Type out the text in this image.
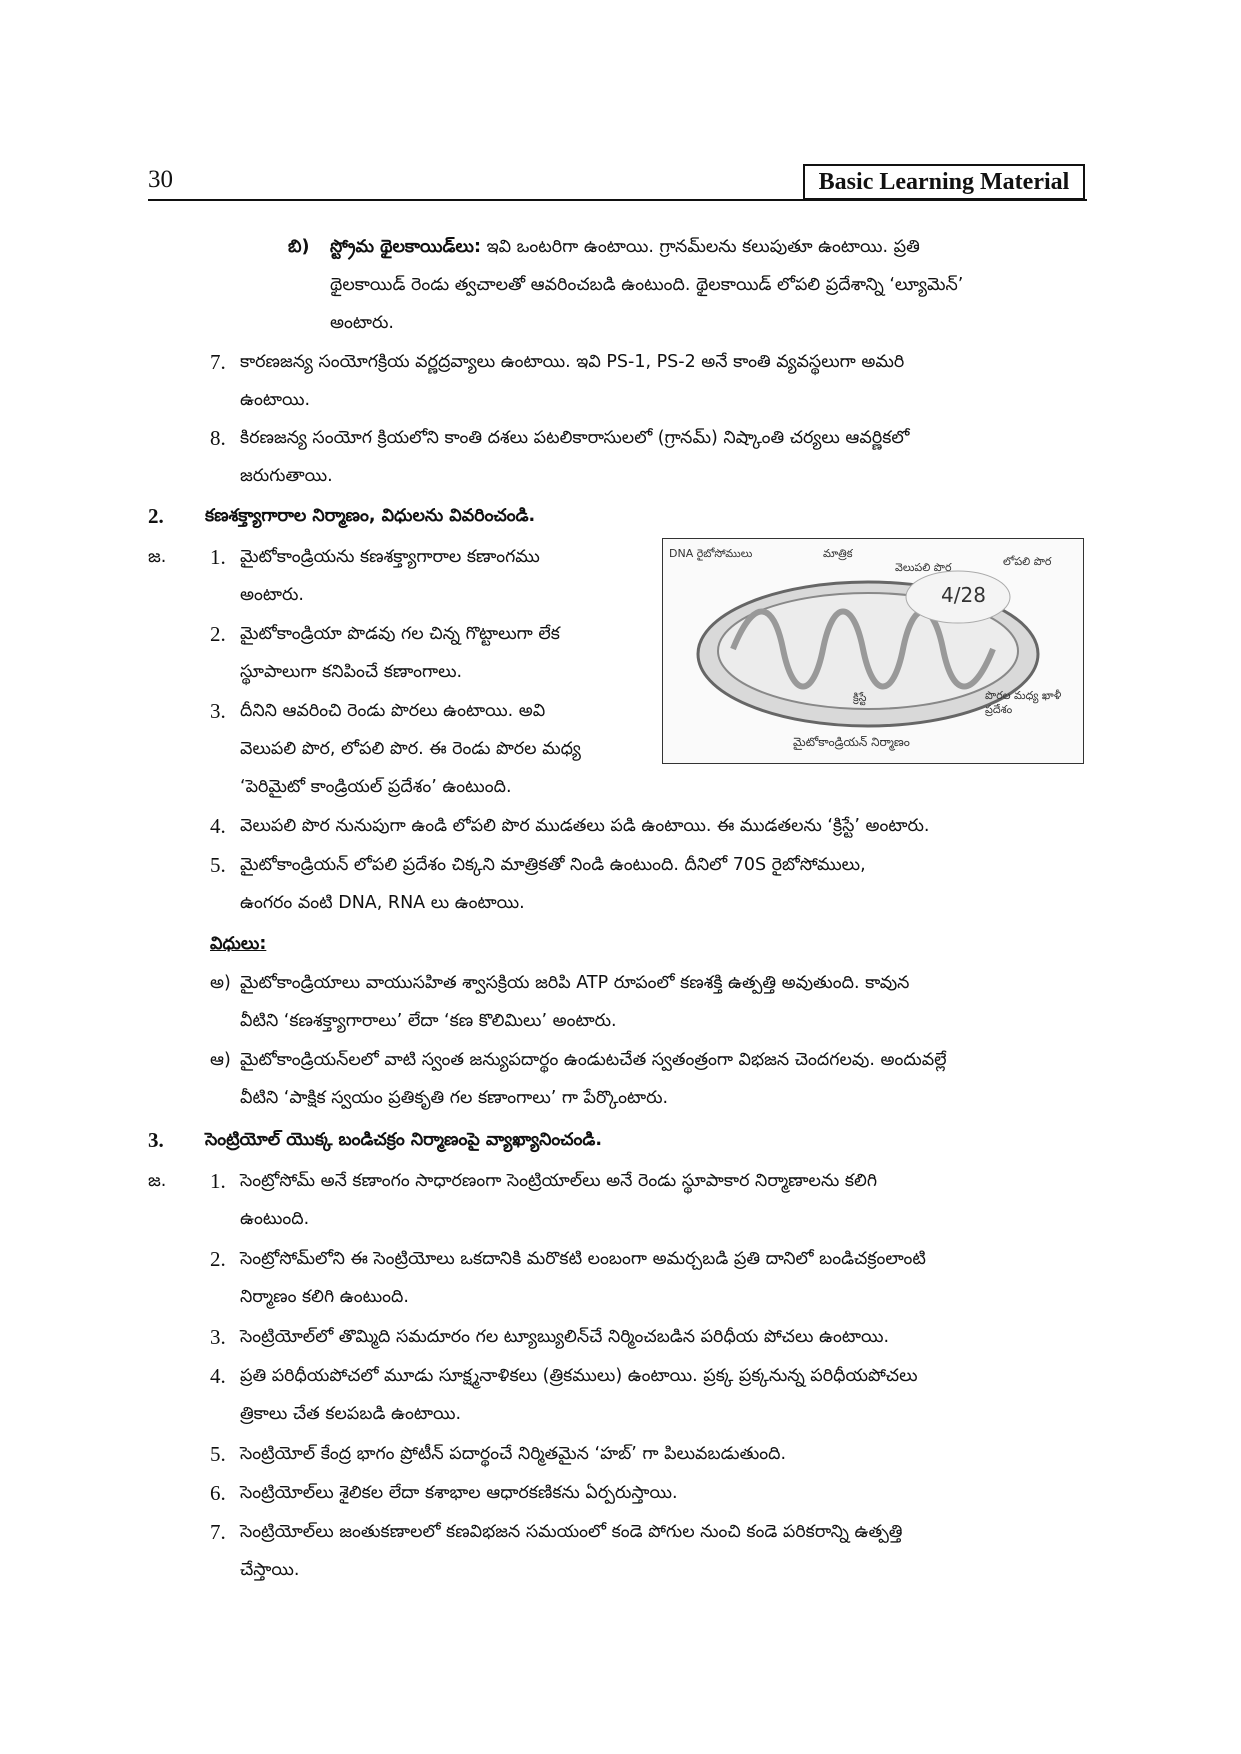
30	Basic Learning Material
బి) స్ట్రోమ థైలకాయిడ్‌లు: ఇవి ఒంటరిగా ఉంటాయి. గ్రానమ్‌లను కలుపుతూ ఉంటాయి. ప్రతి
థైలకాయిడ్ రెండు త్వచాలతో ఆవరించబడి ఉంటుంది. థైలకాయిడ్ లోపలి ప్రదేశాన్ని ‘ల్యూమెన్’
అంటారు.
7. కారణజన్య సంయోగక్రియ వర్ణద్రవ్యాలు ఉంటాయి. ఇవి PS-1, PS-2 అనే కాంతి వ్యవస్థలుగా అమరి
ఉంటాయి.
8. కిరణజన్య సంయోగ క్రియలోని కాంతి దశలు పటలికారాసులలో (గ్రానమ్) నిష్కాంతి చర్యలు ఆవర్ణికలో
జరుగుతాయి.
2. కణశక్త్యాగారాల నిర్మాణం, విధులను వివరించండి.
జ. 1. మైటోకాండ్రియను కణశక్త్యాగారాల కణాంగము
అంటారు.
2. మైటోకాండ్రియా పొడవు గల చిన్న గొట్టాలుగా లేక
స్థూపాలుగా కనిపించే కణాంగాలు.
3. దీనిని ఆవరించి రెండు పొరలు ఉంటాయి. అవి
వెలుపలి పొర, లోపలి పొర. ఈ రెండు పొరల మధ్య
‘పెరిమైటో కాండ్రియల్ ప్రదేశం’ ఉంటుంది.
DNA రైబోసోములు	మాత్రిక
వెలుపలి పొర	లోపలి పొర
4/28
క్రిస్టే	పొరల మధ్య ఖాళీ ప్రదేశం
మైటోకాండ్రియన్ నిర్మాణం
4. వెలుపలి పొర నునుపుగా ఉండి లోపలి పొర ముడతలు పడి ఉంటాయి. ఈ ముడతలను ‘క్రిస్టే’ అంటారు.
5. మైటోకాండ్రియన్ లోపలి ప్రదేశం చిక్కని మాత్రికతో నిండి ఉంటుంది. దీనిలో 70S రైబోసోములు,
ఉంగరం వంటి DNA, RNA లు ఉంటాయి.
విధులు:
అ) మైటోకాండ్రియాలు వాయుసహిత శ్వాసక్రియ జరిపి ATP రూపంలో కణశక్తి ఉత్పత్తి అవుతుంది. కావున
వీటిని ‘కణశక్త్యాగారాలు’ లేదా ‘కణ కొలిమిలు’ అంటారు.
ఆ) మైటోకాండ్రియన్‌లలో వాటి స్వంత జన్యుపదార్థం ఉండుటచేత స్వతంత్రంగా విభజన చెందగలవు. అందువల్లే
వీటిని ‘పాక్షిక స్వయం ప్రతికృతి గల కణాంగాలు’ గా పేర్కొంటారు.
3. సెంట్రియోల్ యొక్క బండిచక్రం నిర్మాణంపై వ్యాఖ్యానించండి.
జ. 1. సెంట్రోసోమ్ అనే కణాంగం సాధారణంగా సెంట్రియాల్‌లు అనే రెండు స్థూపాకార నిర్మాణాలను కలిగి
ఉంటుంది.
2. సెంట్రోసోమ్‌లోని ఈ సెంట్రియోలు ఒకదానికి మరొకటి లంబంగా అమర్చబడి ప్రతి దానిలో బండిచక్రంలాంటి
నిర్మాణం కలిగి ఉంటుంది.
3. సెంట్రియోల్‌లో తొమ్మిది సమదూరం గల ట్యూబ్యులిన్‌చే నిర్మించబడిన పరిధీయ పోచలు ఉంటాయి.
4. ప్రతి పరిధీయపోచలో మూడు సూక్ష్మనాళికలు (త్రికములు) ఉంటాయి. ప్రక్క ప్రక్కనున్న పరిధీయపోచలు
త్రికాలు చేత కలపబడి ఉంటాయి.
5. సెంట్రియోల్ కేంద్ర భాగం ప్రోటీన్ పదార్థంచే నిర్మితమైన ‘హబ్’ గా పిలువబడుతుంది.
6. సెంట్రియోల్‌లు శైలికల లేదా కశాభాల ఆధారకణికను ఏర్పరుస్తాయి.
7. సెంట్రియోల్‌లు జంతుకణాలలో కణవిభజన సమయంలో కండె పోగుల నుంచి కండె పరికరాన్ని ఉత్పత్తి
చేస్తాయి.
